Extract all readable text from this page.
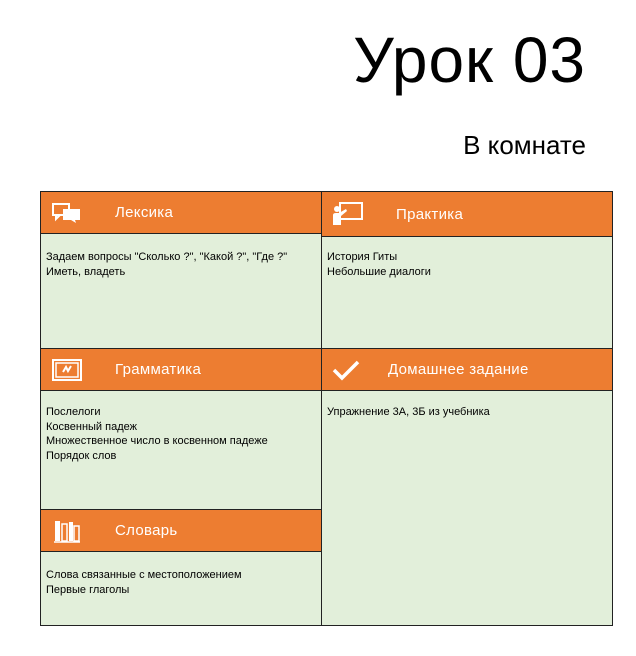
Урок 03
В комнате
Лексика
Задаем вопросы "Сколько ?", "Какой ?", "Где ?"
Иметь, владеть
Практика
История Гиты
Небольшие диалоги
Грамматика
Послелоги
Косвенный падеж
Множественное число в косвенном падеже
Порядок слов
Домашнее задание
Упражнение 3А, 3Б из учебника
Словарь
Слова связанные с местоположением
Первые глаголы
